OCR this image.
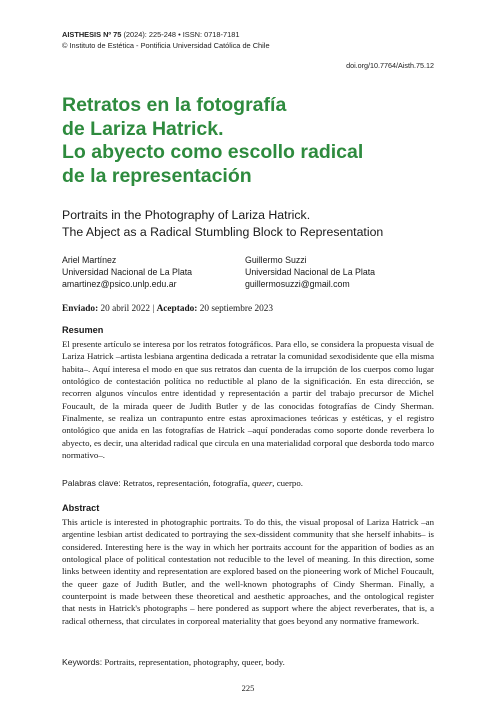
AISTHESIS Nº 75 (2024): 225-248 • ISSN: 0718-7181
© Instituto de Estética - Pontificia Universidad Católica de Chile
doi.org/10.7764/Aisth.75.12
Retratos en la fotografía
de Lariza Hatrick.
Lo abyecto como escollo radical
de la representación
Portraits in the Photography of Lariza Hatrick.
The Abject as a Radical Stumbling Block to Representation
Ariel Martínez
Universidad Nacional de La Plata
amartinez@psico.unlp.edu.ar
Guillermo Suzzi
Universidad Nacional de La Plata
guillermosuzzi@gmail.com
Enviado: 20 abril 2022 | Aceptado: 20 septiembre 2023
Resumen
El presente artículo se interesa por los retratos fotográficos. Para ello, se considera la propuesta visual de Lariza Hatrick –artista lesbiana argentina dedicada a retratar la comunidad sexodisidente que ella misma habita–. Aquí interesa el modo en que sus retratos dan cuenta de la irrupción de los cuerpos como lugar ontológico de contestación política no reductible al plano de la significación. En esta dirección, se recorren algunos vínculos entre identidad y representación a partir del trabajo precursor de Michel Foucault, de la mirada queer de Judith Butler y de las conocidas fotografías de Cindy Sherman. Finalmente, se realiza un contrapunto entre estas aproximaciones teóricas y estéticas, y el registro ontológico que anida en las fotografías de Hatrick –aquí ponderadas como soporte donde reverbera lo abyecto, es decir, una alteridad radical que circula en una materialidad corporal que desborda todo marco normativo–.
Palabras clave: Retratos, representación, fotografía, queer, cuerpo.
Abstract
This article is interested in photographic portraits. To do this, the visual proposal of Lariza Hatrick –an argentine lesbian artist dedicated to portraying the sex-dissident community that she herself inhabits– is considered. Interesting here is the way in which her portraits account for the apparition of bodies as an ontological place of political contestation not reducible to the level of meaning. In this direction, some links between identity and representation are explored based on the pioneering work of Michel Foucault, the queer gaze of Judith Butler, and the well-known photographs of Cindy Sherman. Finally, a counterpoint is made between these theoretical and aesthetic approaches, and the ontological register that nests in Hatrick's photographs – here pondered as support where the abject reverberates, that is, a radical otherness, that circulates in corporeal materiality that goes beyond any normative framework.
Keywords: Portraits, representation, photography, queer, body.
225
